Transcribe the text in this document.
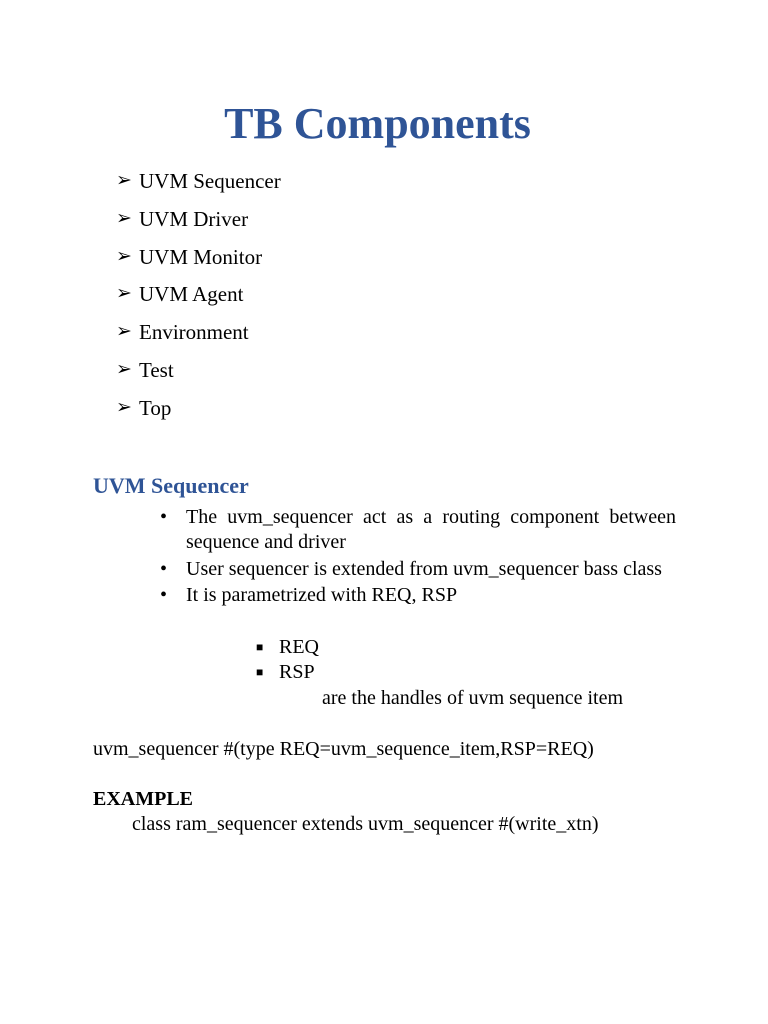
TB Components
➢ UVM Sequencer
➢ UVM Driver
➢ UVM Monitor
➢ UVM Agent
➢ Environment
➢ Test
➢ Top
UVM Sequencer
• The uvm_sequencer act as a routing component between sequence and driver
• User sequencer is extended from uvm_sequencer bass class
• It is parametrized with REQ, RSP
■ REQ
■ RSP

are the handles of uvm sequence item

uvm_sequencer #(type REQ=uvm_sequence_item,RSP=REQ)

EXAMPLE

class ram_sequencer extends uvm_sequencer #(write_xtn)
